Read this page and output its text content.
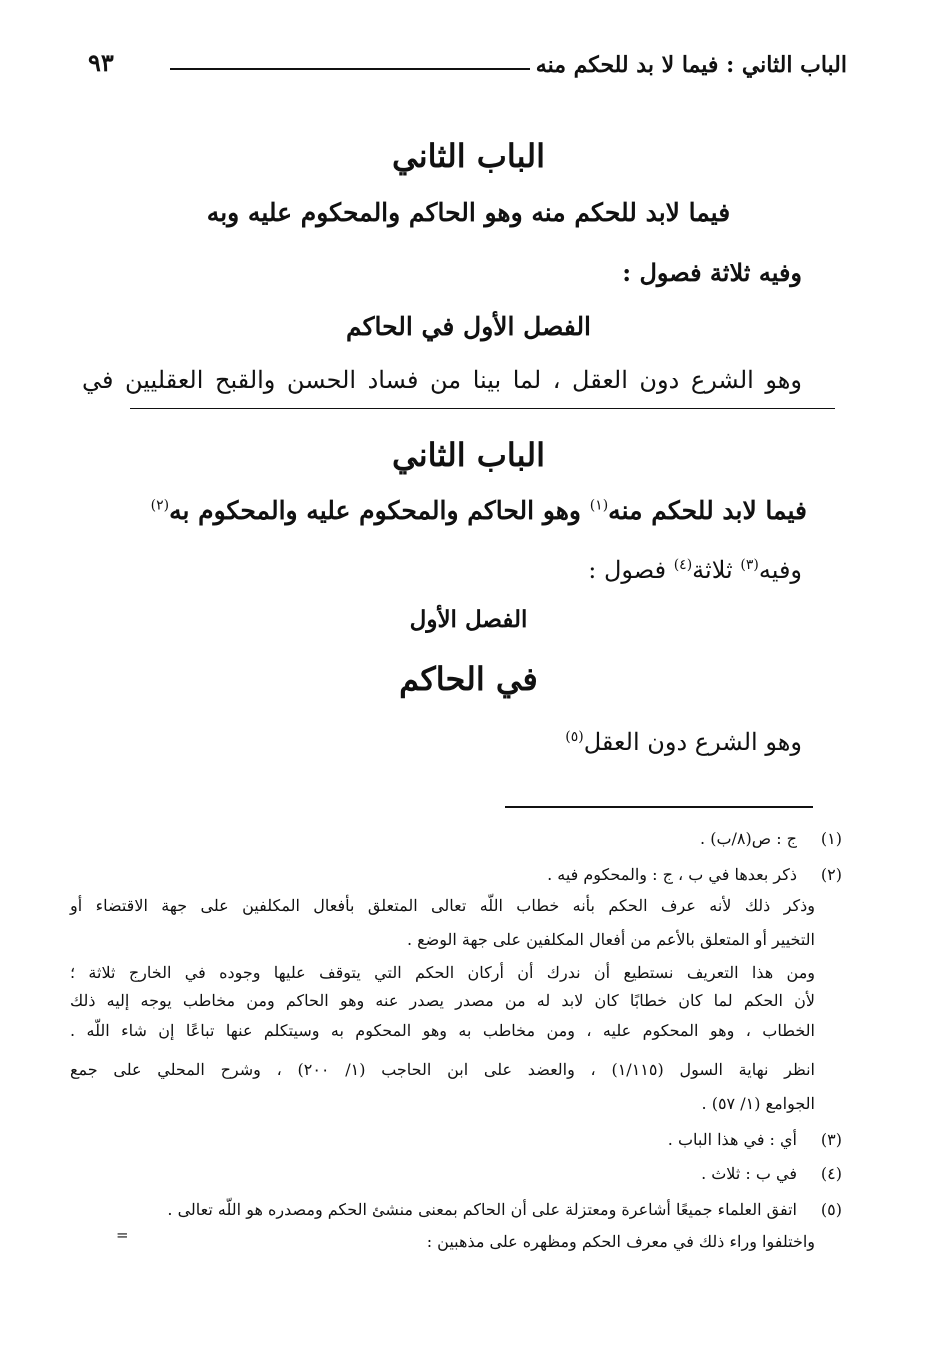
الباب الثاني : فيما لا بد للحكم منه
٩٣
الباب الثاني
فيما لابد للحكم منه وهو الحاكم والمحكوم عليه وبه
وفيه ثلاثة فصول :
الفصل الأول في الحاكم
وهو الشرع دون العقل ، لما بينا من فساد الحسن والقبح العقليين في
الباب الثاني
فيما لابد للحكم منه$^{(١)}$ وهو الحاكم والمحكوم عليه والمحكوم به$^{(٢)}$
وفيه$^{(٣)}$ ثلاثة$^{(٤)}$ فصول :
الفصل الأول
في الحاكم
وهو الشرع دون العقل$^{(٥)}$
(١)
ج : ص(٨/ب) .
(٢)
ذكر بعدها في ب ، ج : والمحكوم فيه .
وذكر ذلك لأنه عرف الحكم بأنه خطاب اللّه تعالى المتعلق بأفعال المكلفين على جهة الاقتضاء أو
التخيير أو المتعلق بالأعم من أفعال المكلفين على جهة الوضع .
ومن هذا التعريف نستطيع أن ندرك أن أركان الحكم التي يتوقف عليها وجوده في الخارج ثلاثة ؛
لأن الحكم لما كان خطابًا كان لابد له من مصدر يصدر عنه وهو الحاكم ومن مخاطب يوجه إليه ذلك
الخطاب ، وهو المحكوم عليه ، ومن مخاطب به وهو المحكوم به وسيتكلم عنها تباعًا إن شاء اللّه .
انظر نهاية السول (١/١١٥) ، والعضد على ابن الحاجب (١/ ٢٠٠) ، وشرح المحلي على جمع
الجوامع (١/ ٥٧) .
(٣)
أي : في هذا الباب .
(٤)
في ب : ثلاث .
(٥)
اتفق العلماء جميعًا أشاعرة ومعتزلة على أن الحاكم بمعنى منشئ الحكم ومصدره هو اللّه تعالى .
واختلفوا وراء ذلك في معرف الحكم ومظهره على مذهبين :
=
